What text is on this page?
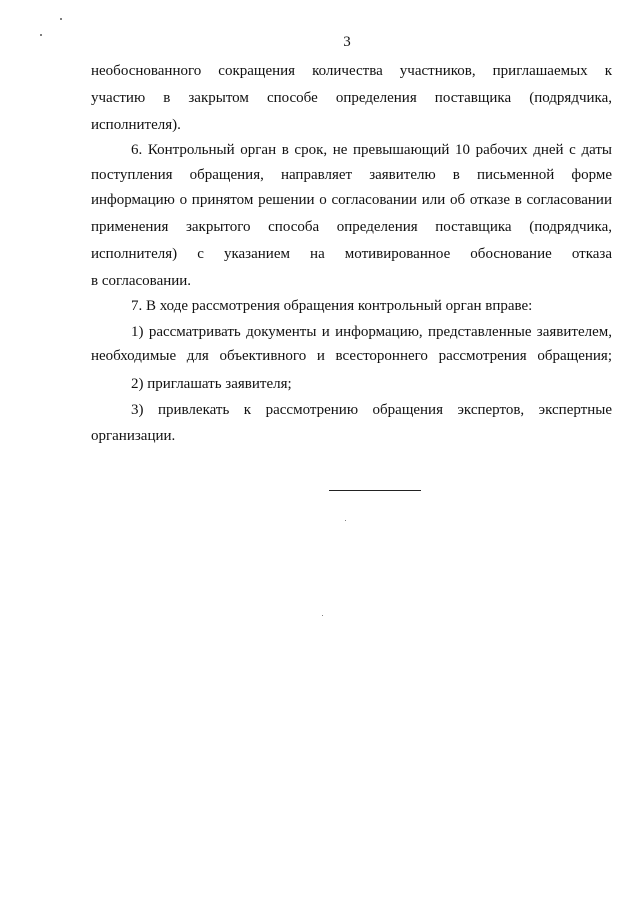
3
необоснованного сокращения количества участников, приглашаемых к
участию в закрытом способе определения поставщика (подрядчика,
исполнителя).
6. Контрольный орган в срок, не превышающий 10 рабочих дней с даты
поступления обращения, направляет заявителю в письменной форме
информацию о принятом решении о согласовании или об отказе в согласовании
применения закрытого способа определения поставщика (подрядчика,
исполнителя) с указанием на мотивированное обоснование отказа
в согласовании.
7. В ходе рассмотрения обращения контрольный орган вправе:
1) рассматривать документы и информацию, представленные заявителем,
необходимые для объективного и всестороннего рассмотрения обращения;
2) приглашать заявителя;
3) привлекать к рассмотрению обращения экспертов, экспертные
организации.
